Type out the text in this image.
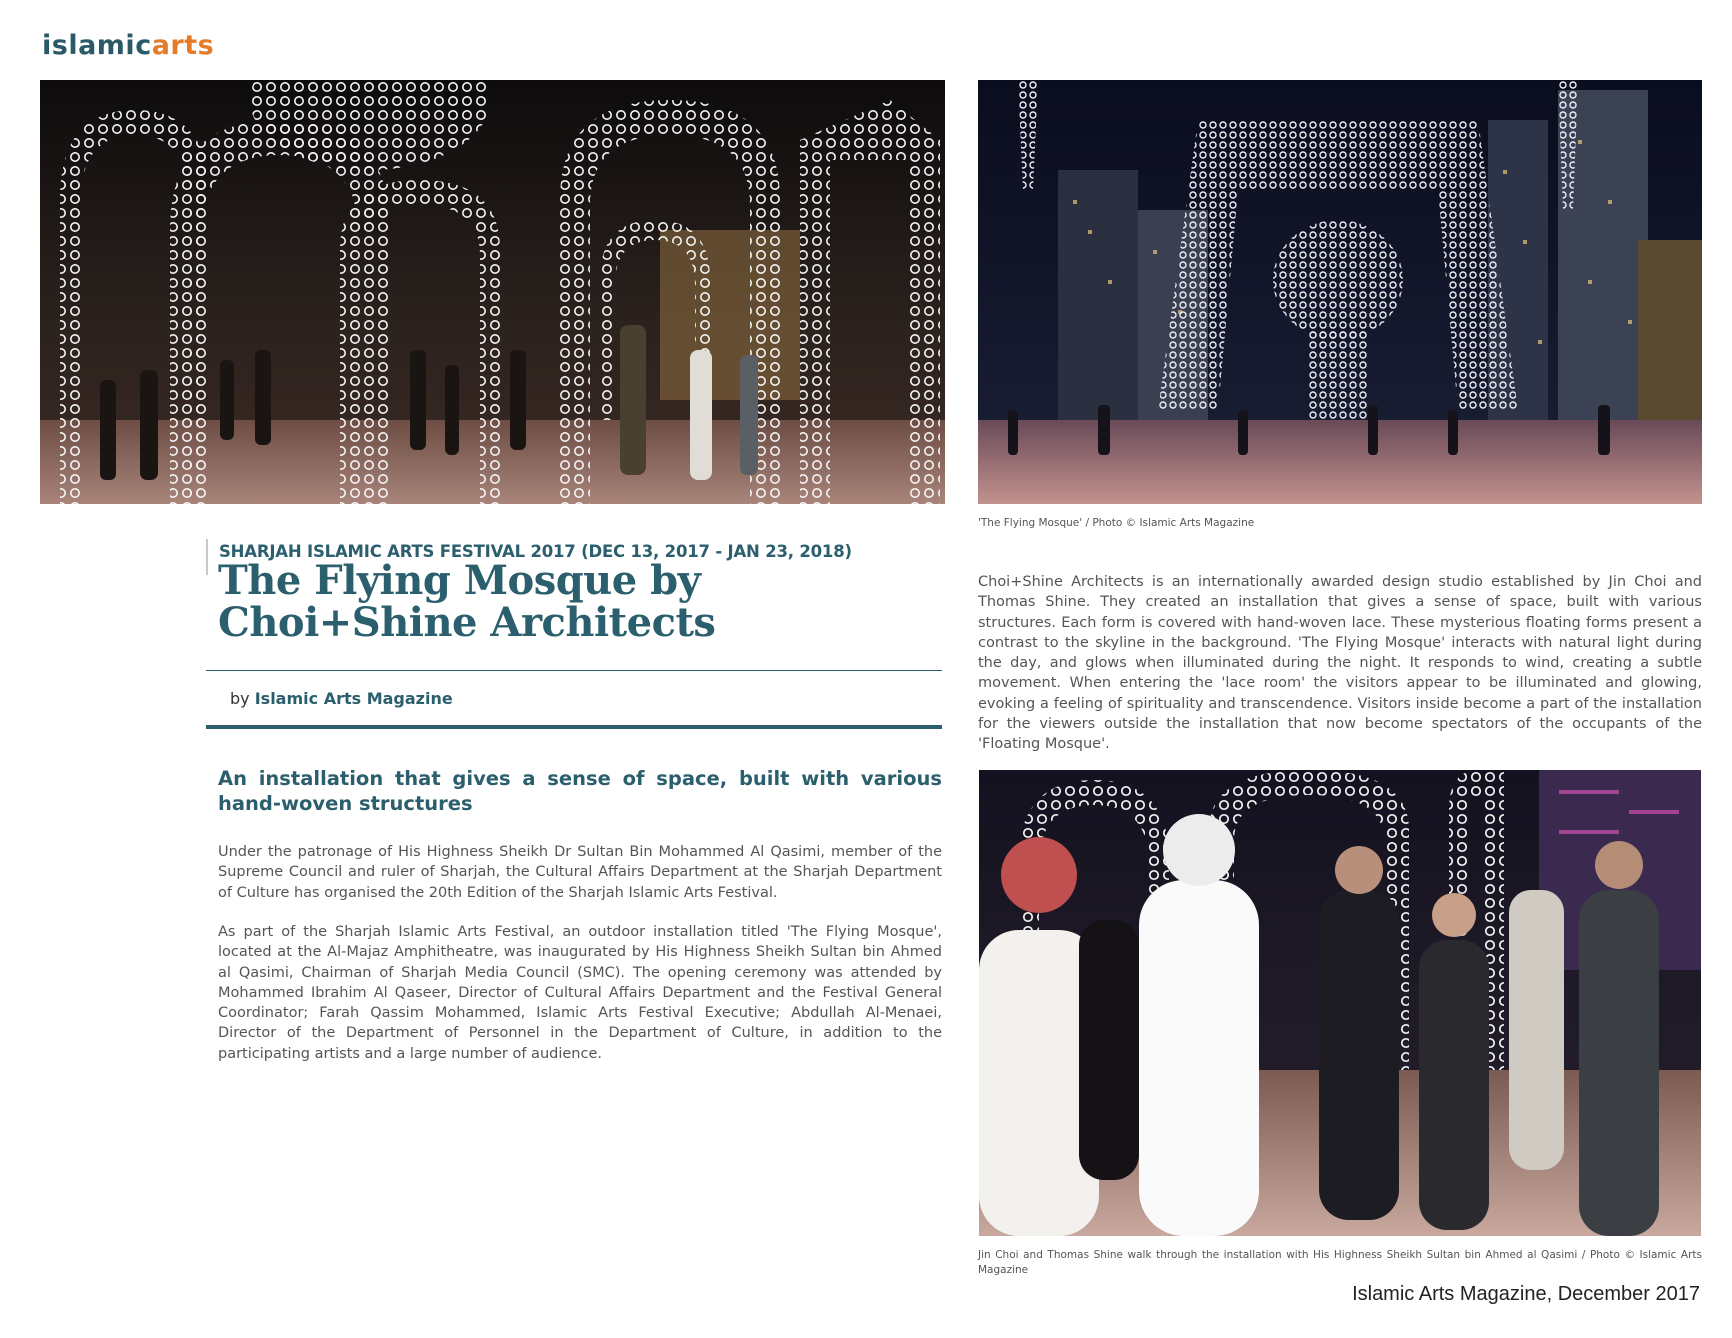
islamicarts
'The Flying Mosque' / Photo © Islamic Arts Magazine
SHARJAH ISLAMIC ARTS FESTIVAL 2017 (DEC 13, 2017 - JAN 23, 2018)
The Flying Mosque by Choi+Shine Architects
by Islamic Arts Magazine
An installation that gives a sense of space, built with various hand-woven structures

Under the patronage of His Highness Sheikh Dr Sultan Bin Mohammed Al Qasimi, member of the Supreme Council and ruler of Sharjah, the Cultural Affairs Department at the Sharjah Department of Culture has organised the 20th Edition of the Sharjah Islamic Arts Festival.

As part of the Sharjah Islamic Arts Festival, an outdoor installation titled 'The Flying Mosque', located at the Al-Majaz Amphitheatre, was inaugurated by His Highness Sheikh Sultan bin Ahmed al Qasimi, Chairman of Sharjah Media Council (SMC). The opening ceremony was attended by Mohammed Ibrahim Al Qaseer, Director of Cultural Affairs Department and the Festival General Coordinator; Farah Qassim Mohammed, Islamic Arts Festival Executive; Abdullah Al-Menaei, Director of the Department of Personnel in the Department of Culture, in addition to the participating artists and a large number of audience.

Choi+Shine Architects is an internationally awarded design studio established by Jin Choi and Thomas Shine. They created an installation that gives a sense of space, built with various structures. Each form is covered with hand-woven lace. These mysterious floating forms present a contrast to the skyline in the background. 'The Flying Mosque' interacts with natural light during the day, and glows when illuminated during the night. It responds to wind, creating a subtle movement. When entering the 'lace room' the visitors appear to be illuminated and glowing, evoking a feeling of spirituality and transcendence. Visitors inside become a part of the installation for the viewers outside the installation that now become spectators of the occupants of the 'Floating Mosque'.

Jin Choi and Thomas Shine walk through the installation with His Highness Sheikh Sultan bin Ahmed al Qasimi / Photo © Islamic Arts Magazine
Islamic Arts Magazine, December 2017
